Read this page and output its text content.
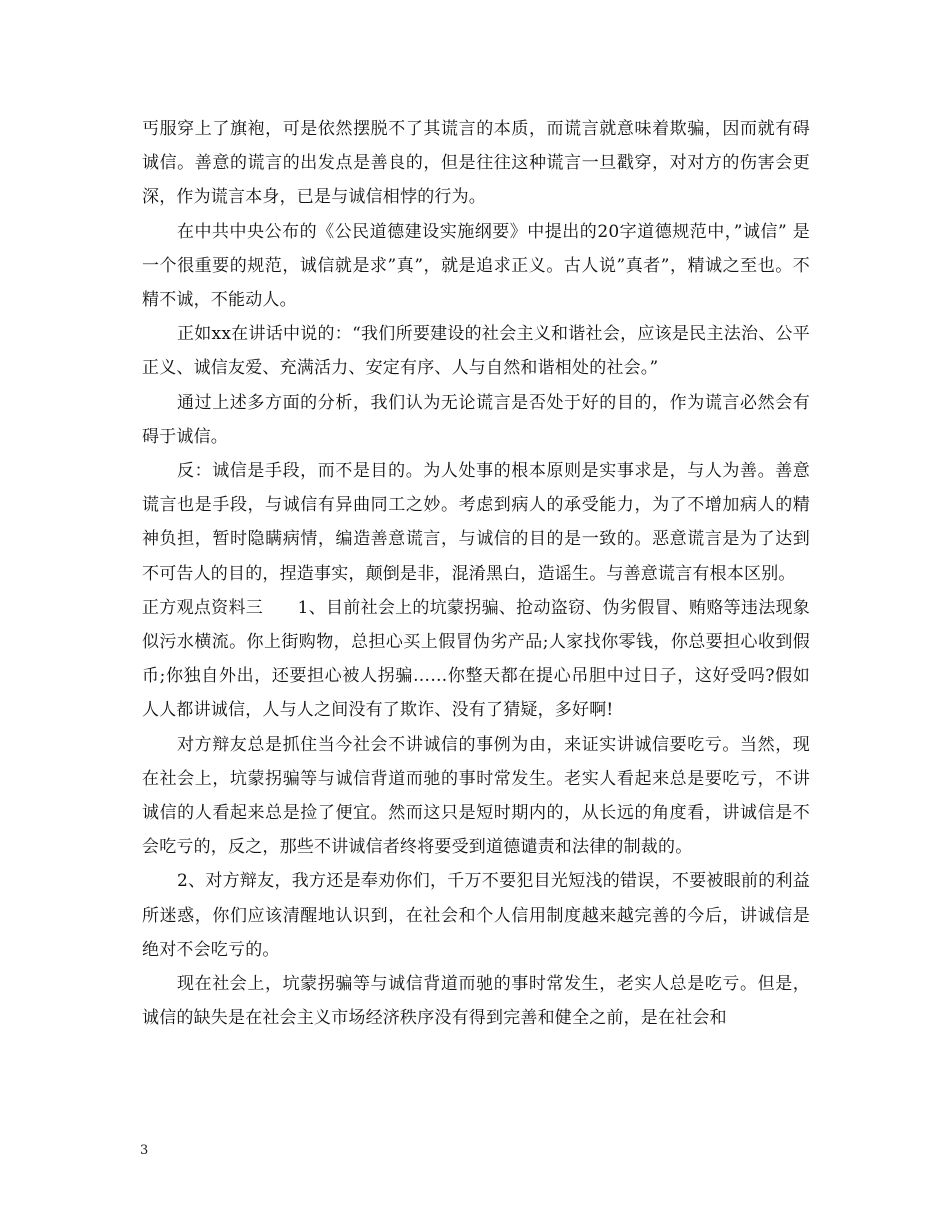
丐服穿上了旗袍，可是依然摆脱不了其谎言的本质，而谎言就意味着欺骗，因而就有碍诚信。善意的谎言的出发点是善良的，但是往往这种谎言一旦戳穿，对对方的伤害会更深，作为谎言本身，已是与诚信相悖的行为。

在中共中央公布的《公民道德建设实施纲要》中提出的20字道德规范中，”诚信” 是一个很重要的规范，诚信就是求”真”，就是追求正义。古人说”真者”，精诚之至也。不精不诚，不能动人。

正如xx在讲话中说的：“我们所要建设的社会主义和谐社会，应该是民主法治、公平正义、诚信友爱、充满活力、安定有序、人与自然和谐相处的社会。”

通过上述多方面的分析，我们认为无论谎言是否处于好的目的，作为谎言必然会有碍于诚信。

反：诚信是手段，而不是目的。为人处事的根本原则是实事求是，与人为善。善意谎言也是手段，与诚信有异曲同工之妙。考虑到病人的承受能力，为了不增加病人的精神负担，暂时隐瞒病情，编造善意谎言，与诚信的目的是一致的。恶意谎言是为了达到不可告人的目的，捏造事实，颠倒是非，混淆黑白，造谣生。与善意谎言有根本区别。

正方观点资料三　　1、目前社会上的坑蒙拐骗、抢动盗窃、伪劣假冒、贿赂等违法现象似污水横流。你上街购物，总担心买上假冒伪劣产品;人家找你零钱，你总要担心收到假币;你独自外出，还要担心被人拐骗……你整天都在提心吊胆中过日子，这好受吗?假如人人都讲诚信，人与人之间没有了欺诈、没有了猜疑，多好啊!

对方辩友总是抓住当今社会不讲诚信的事例为由，来证实讲诚信要吃亏。当然，现在社会上，坑蒙拐骗等与诚信背道而驰的事时常发生。老实人看起来总是要吃亏，不讲诚信的人看起来总是捡了便宜。然而这只是短时期内的，从长远的角度看，讲诚信是不会吃亏的，反之，那些不讲诚信者终将要受到道德谴责和法律的制裁的。

2、对方辩友，我方还是奉劝你们，千万不要犯目光短浅的错误，不要被眼前的利益所迷惑，你们应该清醒地认识到，在社会和个人信用制度越来越完善的今后，讲诚信是绝对不会吃亏的。

现在社会上，坑蒙拐骗等与诚信背道而驰的事时常发生，老实人总是吃亏。但是，诚信的缺失是在社会主义市场经济秩序没有得到完善和健全之前，是在社会和

3
